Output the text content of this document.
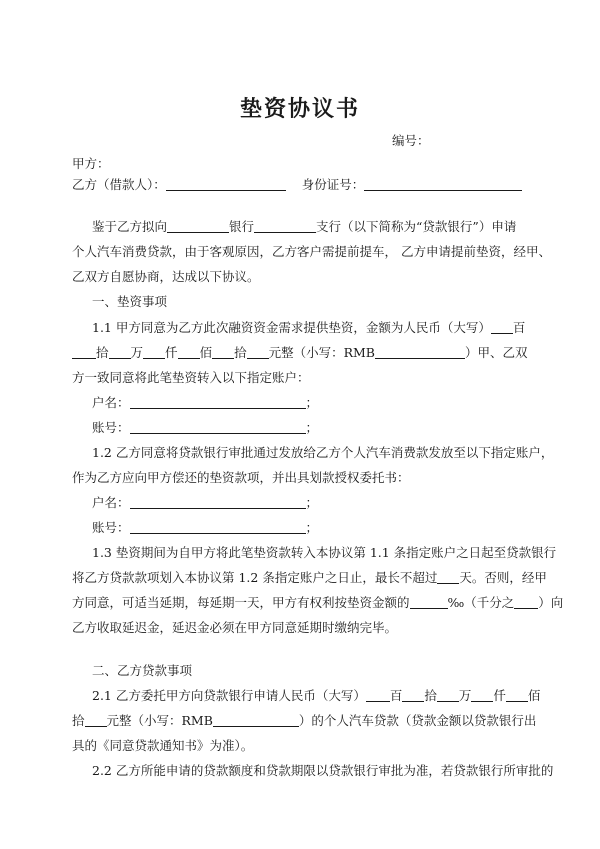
垫资协议书
编号：
甲方：
乙方（借款人）：	身份证号：
鉴于乙方拟向	银行	支行（以下简称为“贷款银行”）申请
个人汽车消费贷款，由于客观原因，乙方客户需提前提车， 乙方申请提前垫资，经甲、
乙双方自愿协商，达成以下协议。
一、垫资事项
1.1 甲方同意为乙方此次融资资金需求提供垫资，金额为人民币（大写） 百
拾 万 仟 佰 拾 元整（小写：RMB	）甲、乙双
方一致同意将此笔垫资转入以下指定账户：
户名：	；
账号：	；
1.2 乙方同意将贷款银行审批通过发放给乙方个人汽车消费款发放至以下指定账户，
作为乙方应向甲方偿还的垫资款项，并出具划款授权委托书：
户名：	；
账号：	；
1.3 垫资期间为自甲方将此笔垫资款转入本协议第 1.1 条指定账户之日起至贷款银行
将乙方贷款款项划入本协议第 1.2 条指定账户之日止，最长不超过 天。否则，经甲
方同意，可适当延期，每延期一天，甲方有权利按垫资金额的	‰（千分之 ）向
乙方收取延迟金，延迟金必须在甲方同意延期时缴纳完毕。
二、乙方贷款事项
2.1 乙方委托甲方向贷款银行申请人民币（大写） 百 拾 万 仟 佰
拾 元整（小写：RMB	）的个人汽车贷款（贷款金额以贷款银行出
具的《同意贷款通知书》为准）。
2.2 乙方所能申请的贷款额度和贷款期限以贷款银行审批为准，若贷款银行所审批的
